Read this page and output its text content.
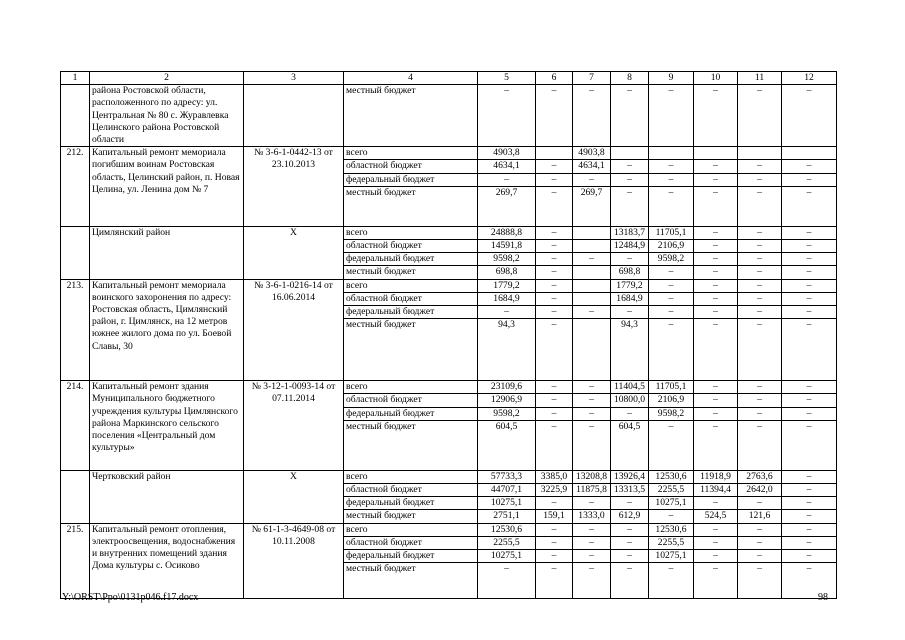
1	2	3	4	5	6	7	8	9	10	11	12
	района Ростовской области, расположенного по адресу: ул. Центральная № 80 с. Журавлевка Целинского района Ростовской области		местный бюджет	–	–	–	–	–	–	–	–
212.	Капитальный ремонт мемориала погибшим воинам Ростовская область, Целинский район, п. Новая Целина, ул. Ленина дом № 7	№ 3-6-1-0442-13 от 23.10.2013	всего	4903,8		4903,8					
			областной бюджет	4634,1	–	4634,1	–	–	–	–	–
			федеральный бюджет	–	–	–	–	–	–	–	–
			местный бюджет	269,7	–	269,7	–	–	–	–	–
	Цимлянский район	Х	всего	24888,8	–		13183,7	11705,1	–	–	–
			областной бюджет	14591,8	–		12484,9	2106,9	–	–	–
			федеральный бюджет	9598,2	–	–	–	9598,2	–	–	–
			местный бюджет	698,8	–		698,8	–	–	–	–
213.	Капитальный ремонт мемориала воинского захоронения по адресу: Ростовская область, Цимлянский район, г. Цимлянск, на 12 метров южнее жилого дома по ул. Боевой Славы, 30	№ 3-6-1-0216-14 от 16.06.2014	всего	1779,2	–		1779,2	–	–	–	–
			областной бюджет	1684,9	–		1684,9	–	–	–	–
			федеральный бюджет	–	–	–	–	–	–	–	–
			местный бюджет	94,3	–		94,3	–	–	–	–
214.	Капитальный ремонт здания Муниципального бюджетного учреждения культуры Цимлянского района Маркинского сельского поселения «Центральный дом культуры»	№ 3-12-1-0093-14 от 07.11.2014	всего	23109,6	–	–	11404,5	11705,1	–	–	–
			областной бюджет	12906,9	–	–	10800,0	2106,9	–	–	–
			федеральный бюджет	9598,2	–	–	–	9598,2	–	–	–
			местный бюджет	604,5	–	–	604,5	–	–	–	–
	Чертковский район	Х	всего	57733,3	3385,0	13208,8	13926,4	12530,6	11918,9	2763,6	–
			областной бюджет	44707,1	3225,9	11875,8	13313,5	2255,5	11394,4	2642,0	–
			федеральный бюджет	10275,1	–	–	–	10275,1	–	–	–
			местный бюджет	2751,1	159,1	1333,0	612,9	–	524,5	121,6	–
215.	Капитальный ремонт отопления, электроосвещения, водоснабжения и внутренних помещений здания Дома культуры с. Осиково	№ 61-1-3-4649-08 от 10.11.2008	всего	12530,6	–	–	–	12530,6	–	–	–
			областной бюджет	2255,5	–	–	–	2255,5	–	–	–
			федеральный бюджет	10275,1	–	–	–	10275,1	–	–	–
			местный бюджет	–	–	–	–	–	–	–	–
Y:\ORST\Ppo\0131p046.f17.docx	98
